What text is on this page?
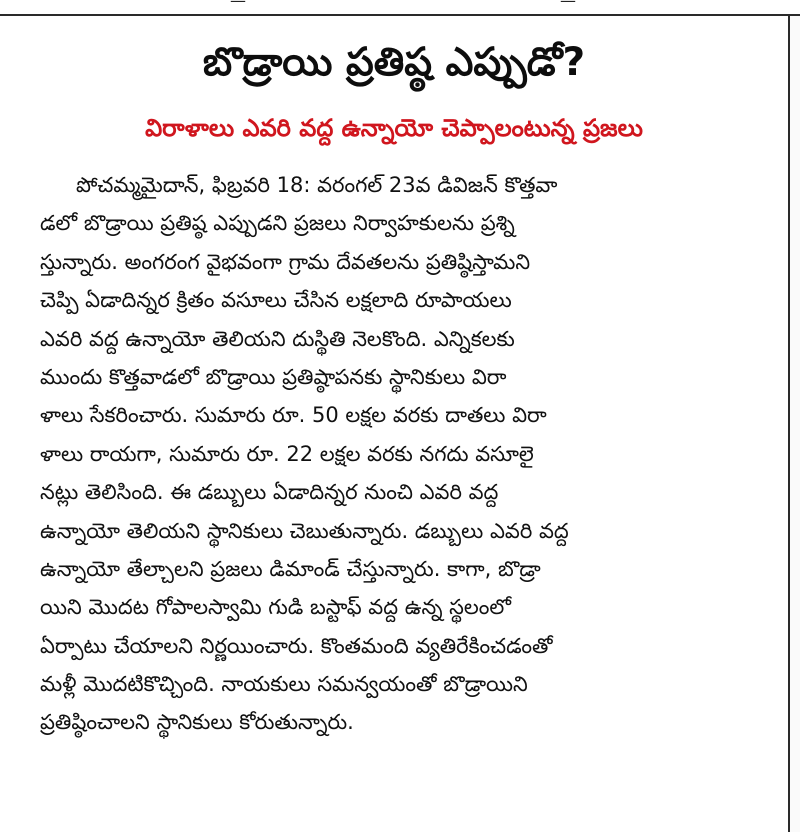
—	—
బొడ్రాయి ప్రతిష్ఠ ఎప్పుడో?
విరాళాలు ఎవరి వద్ద ఉన్నాయో చెప్పాలంటున్న ప్రజలు
పోచమ్మమైదాన్, ఫిబ్రవరి 18: వరంగల్ 23వ డివిజన్ కొత్తవా
డలో బొడ్రాయి ప్రతిష్ఠ ఎప్పుడని ప్రజలు నిర్వాహకులను ప్రశ్ని
స్తున్నారు. అంగరంగ వైభవంగా గ్రామ దేవతలను ప్రతిష్ఠిస్తామని
చెప్పి ఏడాదిన్నర క్రితం వసూలు చేసిన లక్షలాది రూపాయలు
ఎవరి వద్ద ఉన్నాయో తెలియని దుస్థితి నెలకొంది. ఎన్నికలకు
ముందు కొత్తవాడలో బొడ్రాయి ప్రతిష్ఠాపనకు స్థానికులు విరా
ళాలు సేకరించారు. సుమారు రూ. 50 లక్షల వరకు దాతలు విరా
ళాలు రాయగా, సుమారు రూ. 22 లక్షల వరకు నగదు వసూలై
నట్లు తెలిసింది. ఈ డబ్బులు ఏడాదిన్నర నుంచి ఎవరి వద్ద
ఉన్నాయో తెలియని స్థానికులు చెబుతున్నారు. డబ్బులు ఎవరి వద్ద
ఉన్నాయో తేల్చాలని ప్రజలు డిమాండ్ చేస్తున్నారు. కాగా, బొడ్రా
యిని మొదట గోపాలస్వామి గుడి బస్టాఫ్ వద్ద ఉన్న స్థలంలో
ఏర్పాటు చేయాలని నిర్ణయించారు. కొంతమంది వ్యతిరేకించడంతో
మళ్లీ మొదటికొచ్చింది. నాయకులు సమన్వయంతో బొడ్రాయిని
ప్రతిష్ఠించాలని స్థానికులు కోరుతున్నారు.
